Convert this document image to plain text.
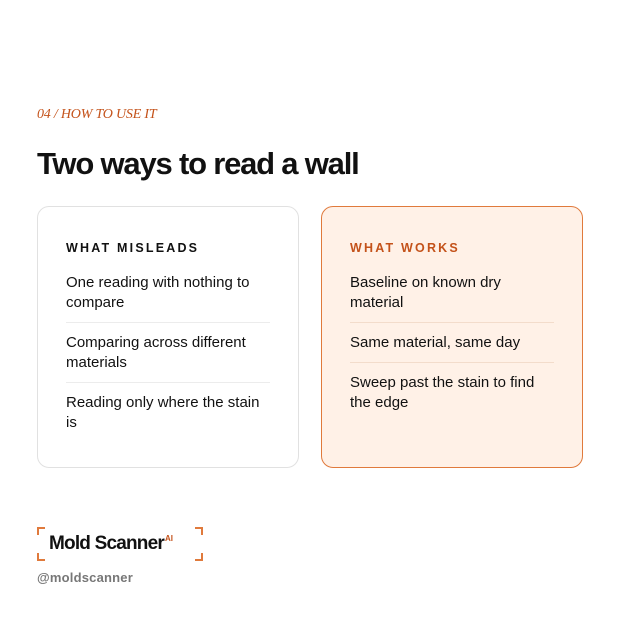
04 / HOW TO USE IT
Two ways to read a wall
WHAT MISLEADS
One reading with nothing to compare
Comparing across different materials
Reading only where the stain is
WHAT WORKS
Baseline on known dry material
Same material, same day
Sweep past the stain to find the edge
Mold Scanner$^{AI}$
@moldscanner
